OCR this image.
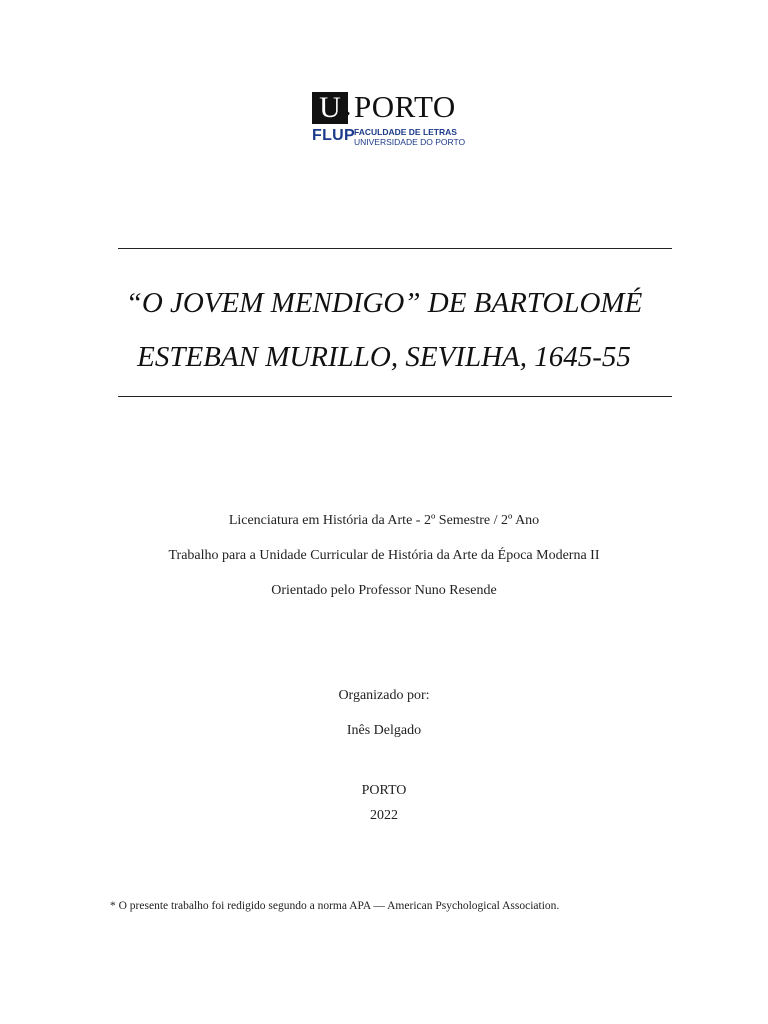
U . PORTO
FLUP FACULDADE DE LETRAS
UNIVERSIDADE DO PORTO
“O JOVEM MENDIGO” DE BARTOLOMÉ
ESTEBAN MURILLO, SEVILHA, 1645-55
Licenciatura em História da Arte - 2º Semestre / 2º Ano
Trabalho para a Unidade Curricular de História da Arte da Época Moderna II
Orientado pelo Professor Nuno Resende
Organizado por:
Inês Delgado
PORTO
2022
* O presente trabalho foi redigido segundo a norma APA — American Psychological Association.
